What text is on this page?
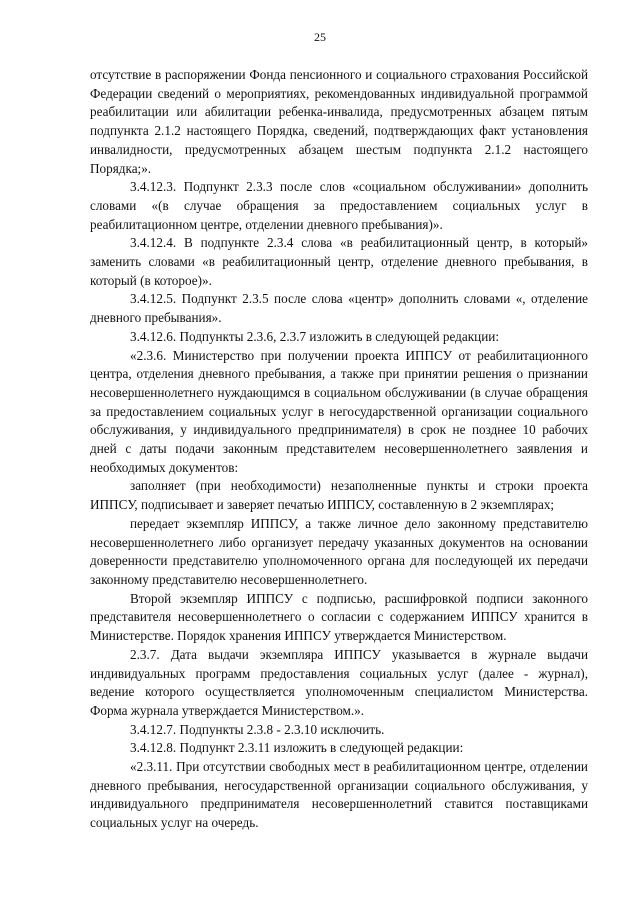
25

отсутствие в распоряжении Фонда пенсионного и социального страхования Российской Федерации сведений о мероприятиях, рекомендованных индивидуальной программой реабилитации или абилитации ребенка-инвалида, предусмотренных абзацем пятым подпункта 2.1.2 настоящего Порядка, сведений, подтверждающих факт установления инвалидности, предусмотренных абзацем шестым подпункта 2.1.2 настоящего Порядка;».

3.4.12.3. Подпункт 2.3.3 после слов «социальном обслуживании» дополнить словами «(в случае обращения за предоставлением социальных услуг в реабилитационном центре, отделении дневного пребывания)».

3.4.12.4. В подпункте 2.3.4 слова «в реабилитационный центр, в который» заменить словами «в реабилитационный центр, отделение дневного пребывания, в который (в которое)».

3.4.12.5. Подпункт 2.3.5 после слова «центр» дополнить словами «, отделение дневного пребывания».

3.4.12.6. Подпункты 2.3.6, 2.3.7 изложить в следующей редакции:

«2.3.6. Министерство при получении проекта ИППСУ от реабилитационного центра, отделения дневного пребывания, а также при принятии решения о признании несовершеннолетнего нуждающимся в социальном обслуживании (в случае обращения за предоставлением социальных услуг в негосударственной организации социального обслуживания, у индивидуального предпринимателя) в срок не позднее 10 рабочих дней с даты подачи законным представителем несовершеннолетнего заявления и необходимых документов:

заполняет (при необходимости) незаполненные пункты и строки проекта ИППСУ, подписывает и заверяет печатью ИППСУ, составленную в 2 экземплярах;

передает экземпляр ИППСУ, а также личное дело законному представителю несовершеннолетнего либо организует передачу указанных документов на основании доверенности представителю уполномоченного органа для последующей их передачи законному представителю несовершеннолетнего.

Второй экземпляр ИППСУ с подписью, расшифровкой подписи законного представителя несовершеннолетнего о согласии с содержанием ИППСУ хранится в Министерстве. Порядок хранения ИППСУ утверждается Министерством.

2.3.7. Дата выдачи экземпляра ИППСУ указывается в журнале выдачи индивидуальных программ предоставления социальных услуг (далее - журнал), ведение которого осуществляется уполномоченным специалистом Министерства. Форма журнала утверждается Министерством.».

3.4.12.7. Подпункты 2.3.8 - 2.3.10 исключить.

3.4.12.8. Подпункт 2.3.11 изложить в следующей редакции:

«2.3.11. При отсутствии свободных мест в реабилитационном центре, отделении дневного пребывания, негосударственной организации социального обслуживания, у индивидуального предпринимателя несовершеннолетний ставится поставщиками социальных услуг на очередь.
